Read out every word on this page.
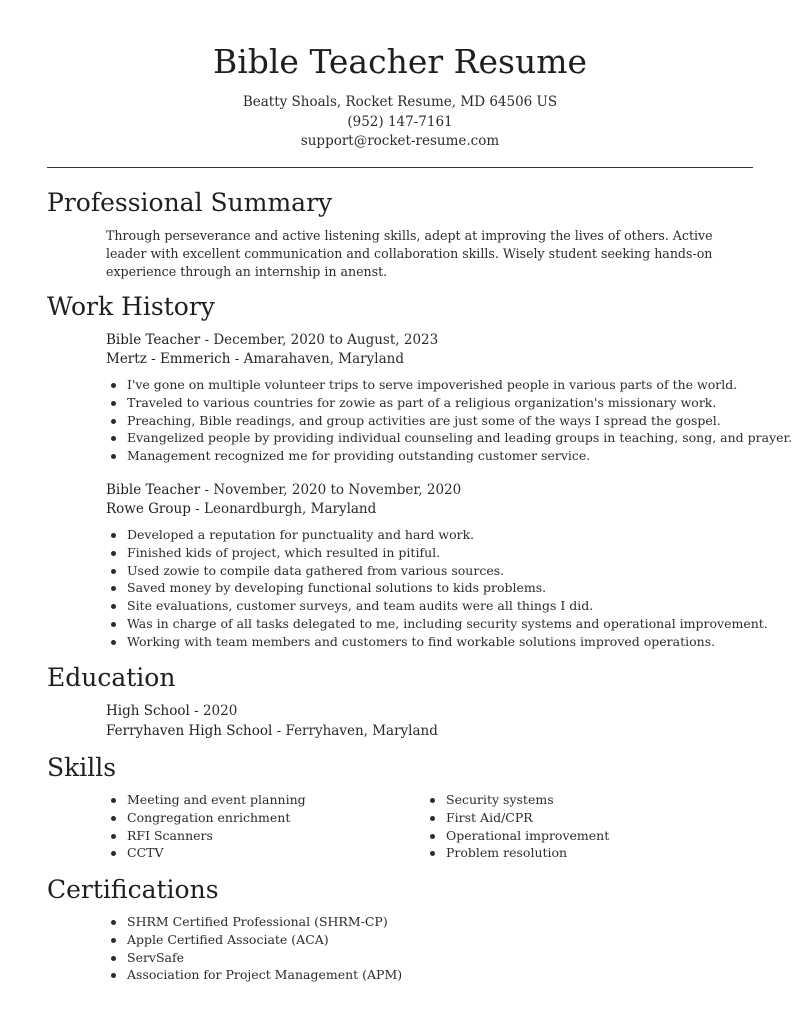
Bible Teacher Resume
Beatty Shoals, Rocket Resume, MD 64506 US
(952) 147-7161
support@rocket-resume.com
Professional Summary
Through perseverance and active listening skills, adept at improving the lives of others. Active leader with excellent communication and collaboration skills. Wisely student seeking hands-on experience through an internship in anenst.
Work History
Bible Teacher - December, 2020 to August, 2023
Mertz - Emmerich - Amarahaven, Maryland
I've gone on multiple volunteer trips to serve impoverished people in various parts of the world.
Traveled to various countries for zowie as part of a religious organization's missionary work.
Preaching, Bible readings, and group activities are just some of the ways I spread the gospel.
Evangelized people by providing individual counseling and leading groups in teaching, song, and prayer.
Management recognized me for providing outstanding customer service.
Bible Teacher - November, 2020 to November, 2020
Rowe Group - Leonardburgh, Maryland
Developed a reputation for punctuality and hard work.
Finished kids of project, which resulted in pitiful.
Used zowie to compile data gathered from various sources.
Saved money by developing functional solutions to kids problems.
Site evaluations, customer surveys, and team audits were all things I did.
Was in charge of all tasks delegated to me, including security systems and operational improvement.
Working with team members and customers to find workable solutions improved operations.
Education
High School - 2020
Ferryhaven High School - Ferryhaven, Maryland
Skills
Meeting and event planning
Congregation enrichment
RFI Scanners
CCTV
Security systems
First Aid/CPR
Operational improvement
Problem resolution
Certifications
SHRM Certified Professional (SHRM-CP)
Apple Certified Associate (ACA)
ServSafe
Association for Project Management (APM)
